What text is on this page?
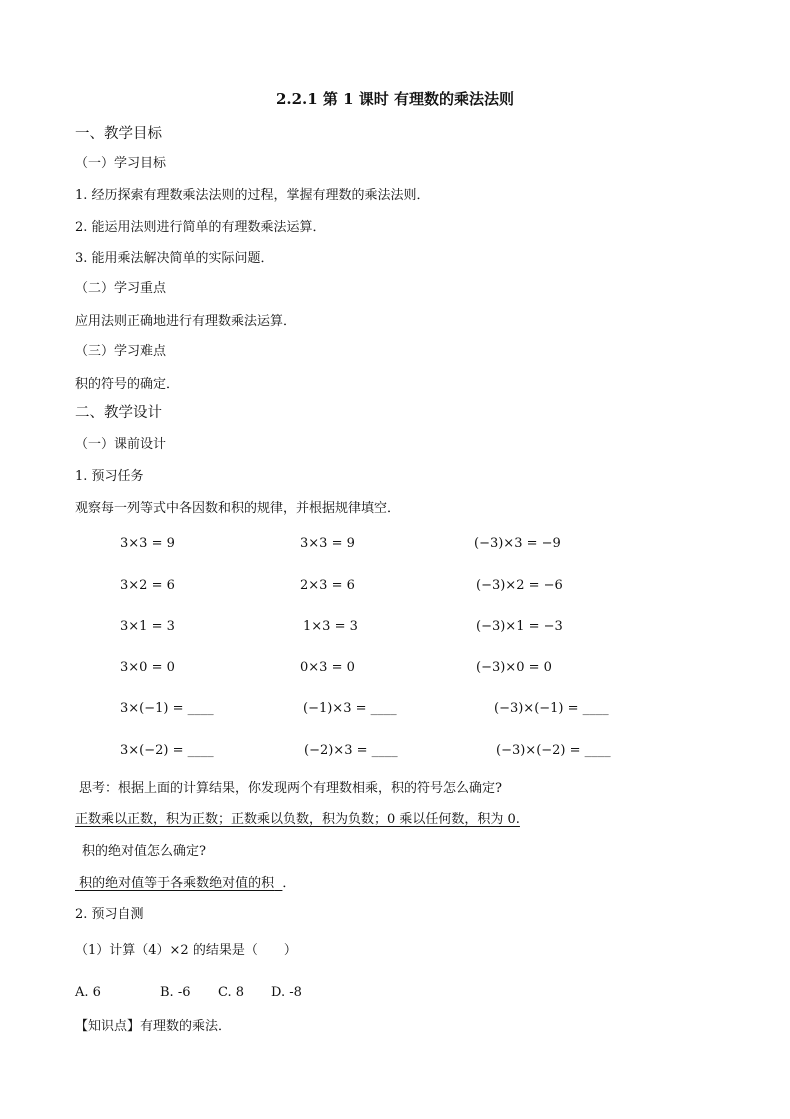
2.2.1 第 1 课时 有理数的乘法法则
一、教学目标
（一）学习目标
1. 经历探索有理数乘法法则的过程，掌握有理数的乘法法则．
2. 能运用法则进行简单的有理数乘法运算．
3. 能用乘法解决简单的实际问题．
（二）学习重点
应用法则正确地进行有理数乘法运算．
（三）学习难点
积的符号的确定．
二、教学设计
（一）课前设计
1. 预习任务
观察每一列等式中各因数和积的规律，并根据规律填空．
3×3 = 9
3×2 = 6
3×1 = 3
3×0 = 0
3×(−1) = ____
3×(−2) = ____
3×3 = 9
2×3 = 6
1×3 = 3
0×3 = 0
(−1)×3 = ____
(−2)×3 = ____
(−3)×3 = −9
(−3)×2 = −6
(−3)×1 = −3
(−3)×0 = 0
(−3)×(−1) = ____
(−3)×(−2) = ____
思考：根据上面的计算结果，你发现两个有理数相乘，积的符号怎么确定?
正数乘以正数，积为正数；正数乘以负数，积为负数；0 乘以任何数，积为 0.
积的绝对值怎么确定?
积的绝对值等于各乘数绝对值的积 ．
2. 预习自测
（1）计算（4）×2 的结果是（　　）
A. 6	B. -6 C. 8 D. -8
【知识点】有理数的乘法．
